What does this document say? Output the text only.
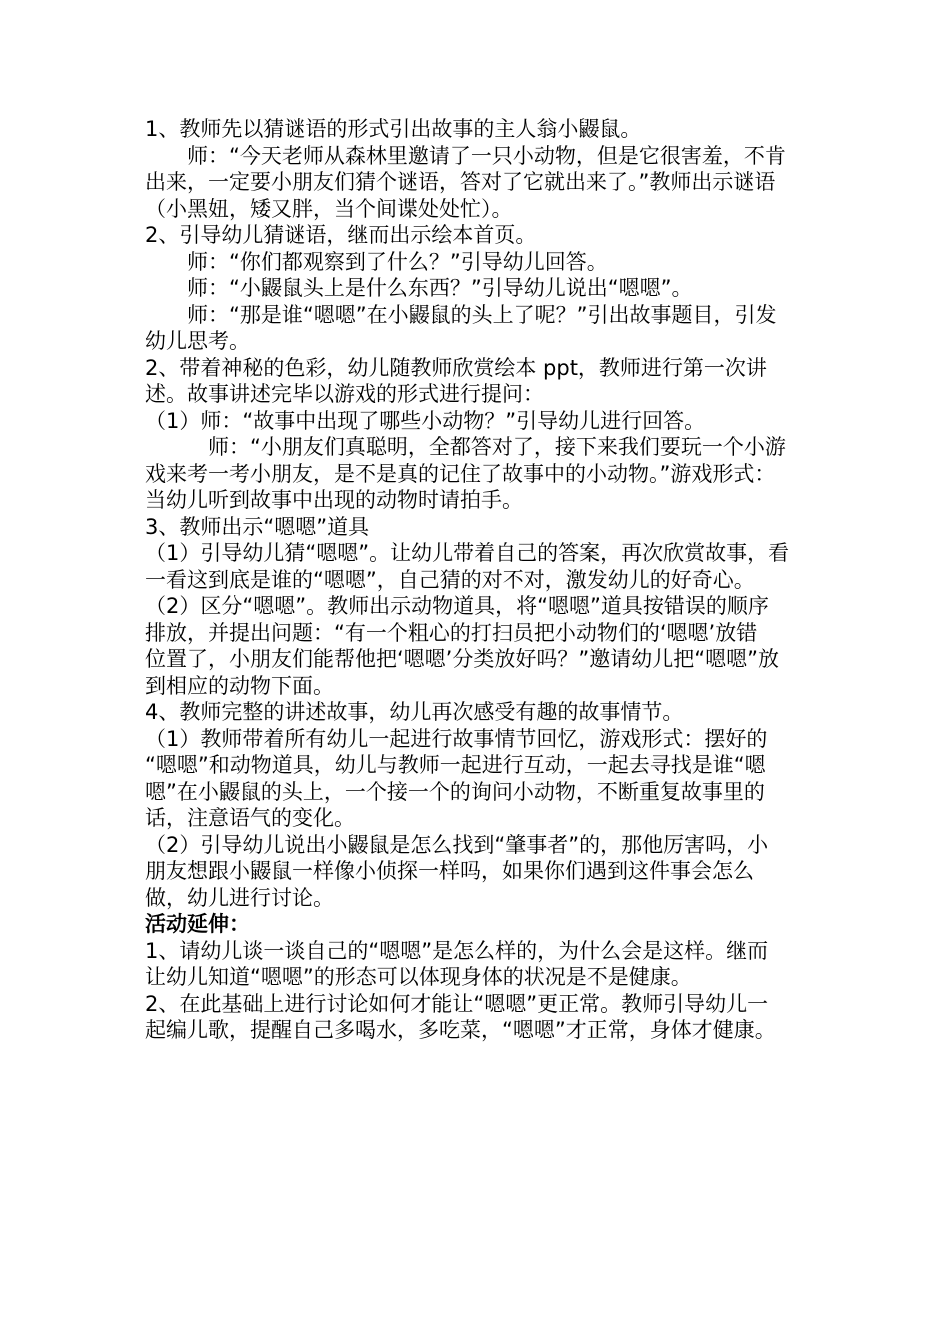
1、教师先以猜谜语的形式引出故事的主人翁小鼹鼠。
　　师：“今天老师从森林里邀请了一只小动物，但是它很害羞，不肯
出来，一定要小朋友们猜个谜语，答对了它就出来了。”教师出示谜语
（小黑妞，矮又胖，当个间谍处处忙）。
2、引导幼儿猜谜语，继而出示绘本首页。
　　师：“你们都观察到了什么？”引导幼儿回答。
　　师：“小鼹鼠头上是什么东西？”引导幼儿说出“嗯嗯”。
　　师：“那是谁“嗯嗯”在小鼹鼠的头上了呢？”引出故事题目，引发
幼儿思考。
2、带着神秘的色彩，幼儿随教师欣赏绘本 ppt，教师进行第一次讲
述。故事讲述完毕以游戏的形式进行提问：
（1）师：“故事中出现了哪些小动物？”引导幼儿进行回答。
　　　师：“小朋友们真聪明，全都答对了，接下来我们要玩一个小游
戏来考一考小朋友，是不是真的记住了故事中的小动物。”游戏形式：
当幼儿听到故事中出现的动物时请拍手。
3、教师出示“嗯嗯”道具
（1）引导幼儿猜“嗯嗯”。让幼儿带着自己的答案，再次欣赏故事，看
一看这到底是谁的“嗯嗯”，自己猜的对不对，激发幼儿的好奇心。
（2）区分“嗯嗯”。教师出示动物道具，将“嗯嗯”道具按错误的顺序
排放，并提出问题：“有一个粗心的打扫员把小动物们的‘嗯嗯’放错
位置了，小朋友们能帮他把‘嗯嗯’分类放好吗？”邀请幼儿把“嗯嗯”放
到相应的动物下面。
4、教师完整的讲述故事，幼儿再次感受有趣的故事情节。
（1）教师带着所有幼儿一起进行故事情节回忆，游戏形式：摆好的
“嗯嗯”和动物道具，幼儿与教师一起进行互动，一起去寻找是谁“嗯
嗯”在小鼹鼠的头上，一个接一个的询问小动物，不断重复故事里的
话，注意语气的变化。
（2）引导幼儿说出小鼹鼠是怎么找到“肇事者”的，那他厉害吗，小
朋友想跟小鼹鼠一样像小侦探一样吗，如果你们遇到这件事会怎么
做，幼儿进行讨论。
活动延伸：
1、请幼儿谈一谈自己的“嗯嗯”是怎么样的，为什么会是这样。继而
让幼儿知道“嗯嗯”的形态可以体现身体的状况是不是健康。
2、在此基础上进行讨论如何才能让“嗯嗯”更正常。教师引导幼儿一
起编儿歌，提醒自己多喝水，多吃菜，“嗯嗯”才正常，身体才健康。
